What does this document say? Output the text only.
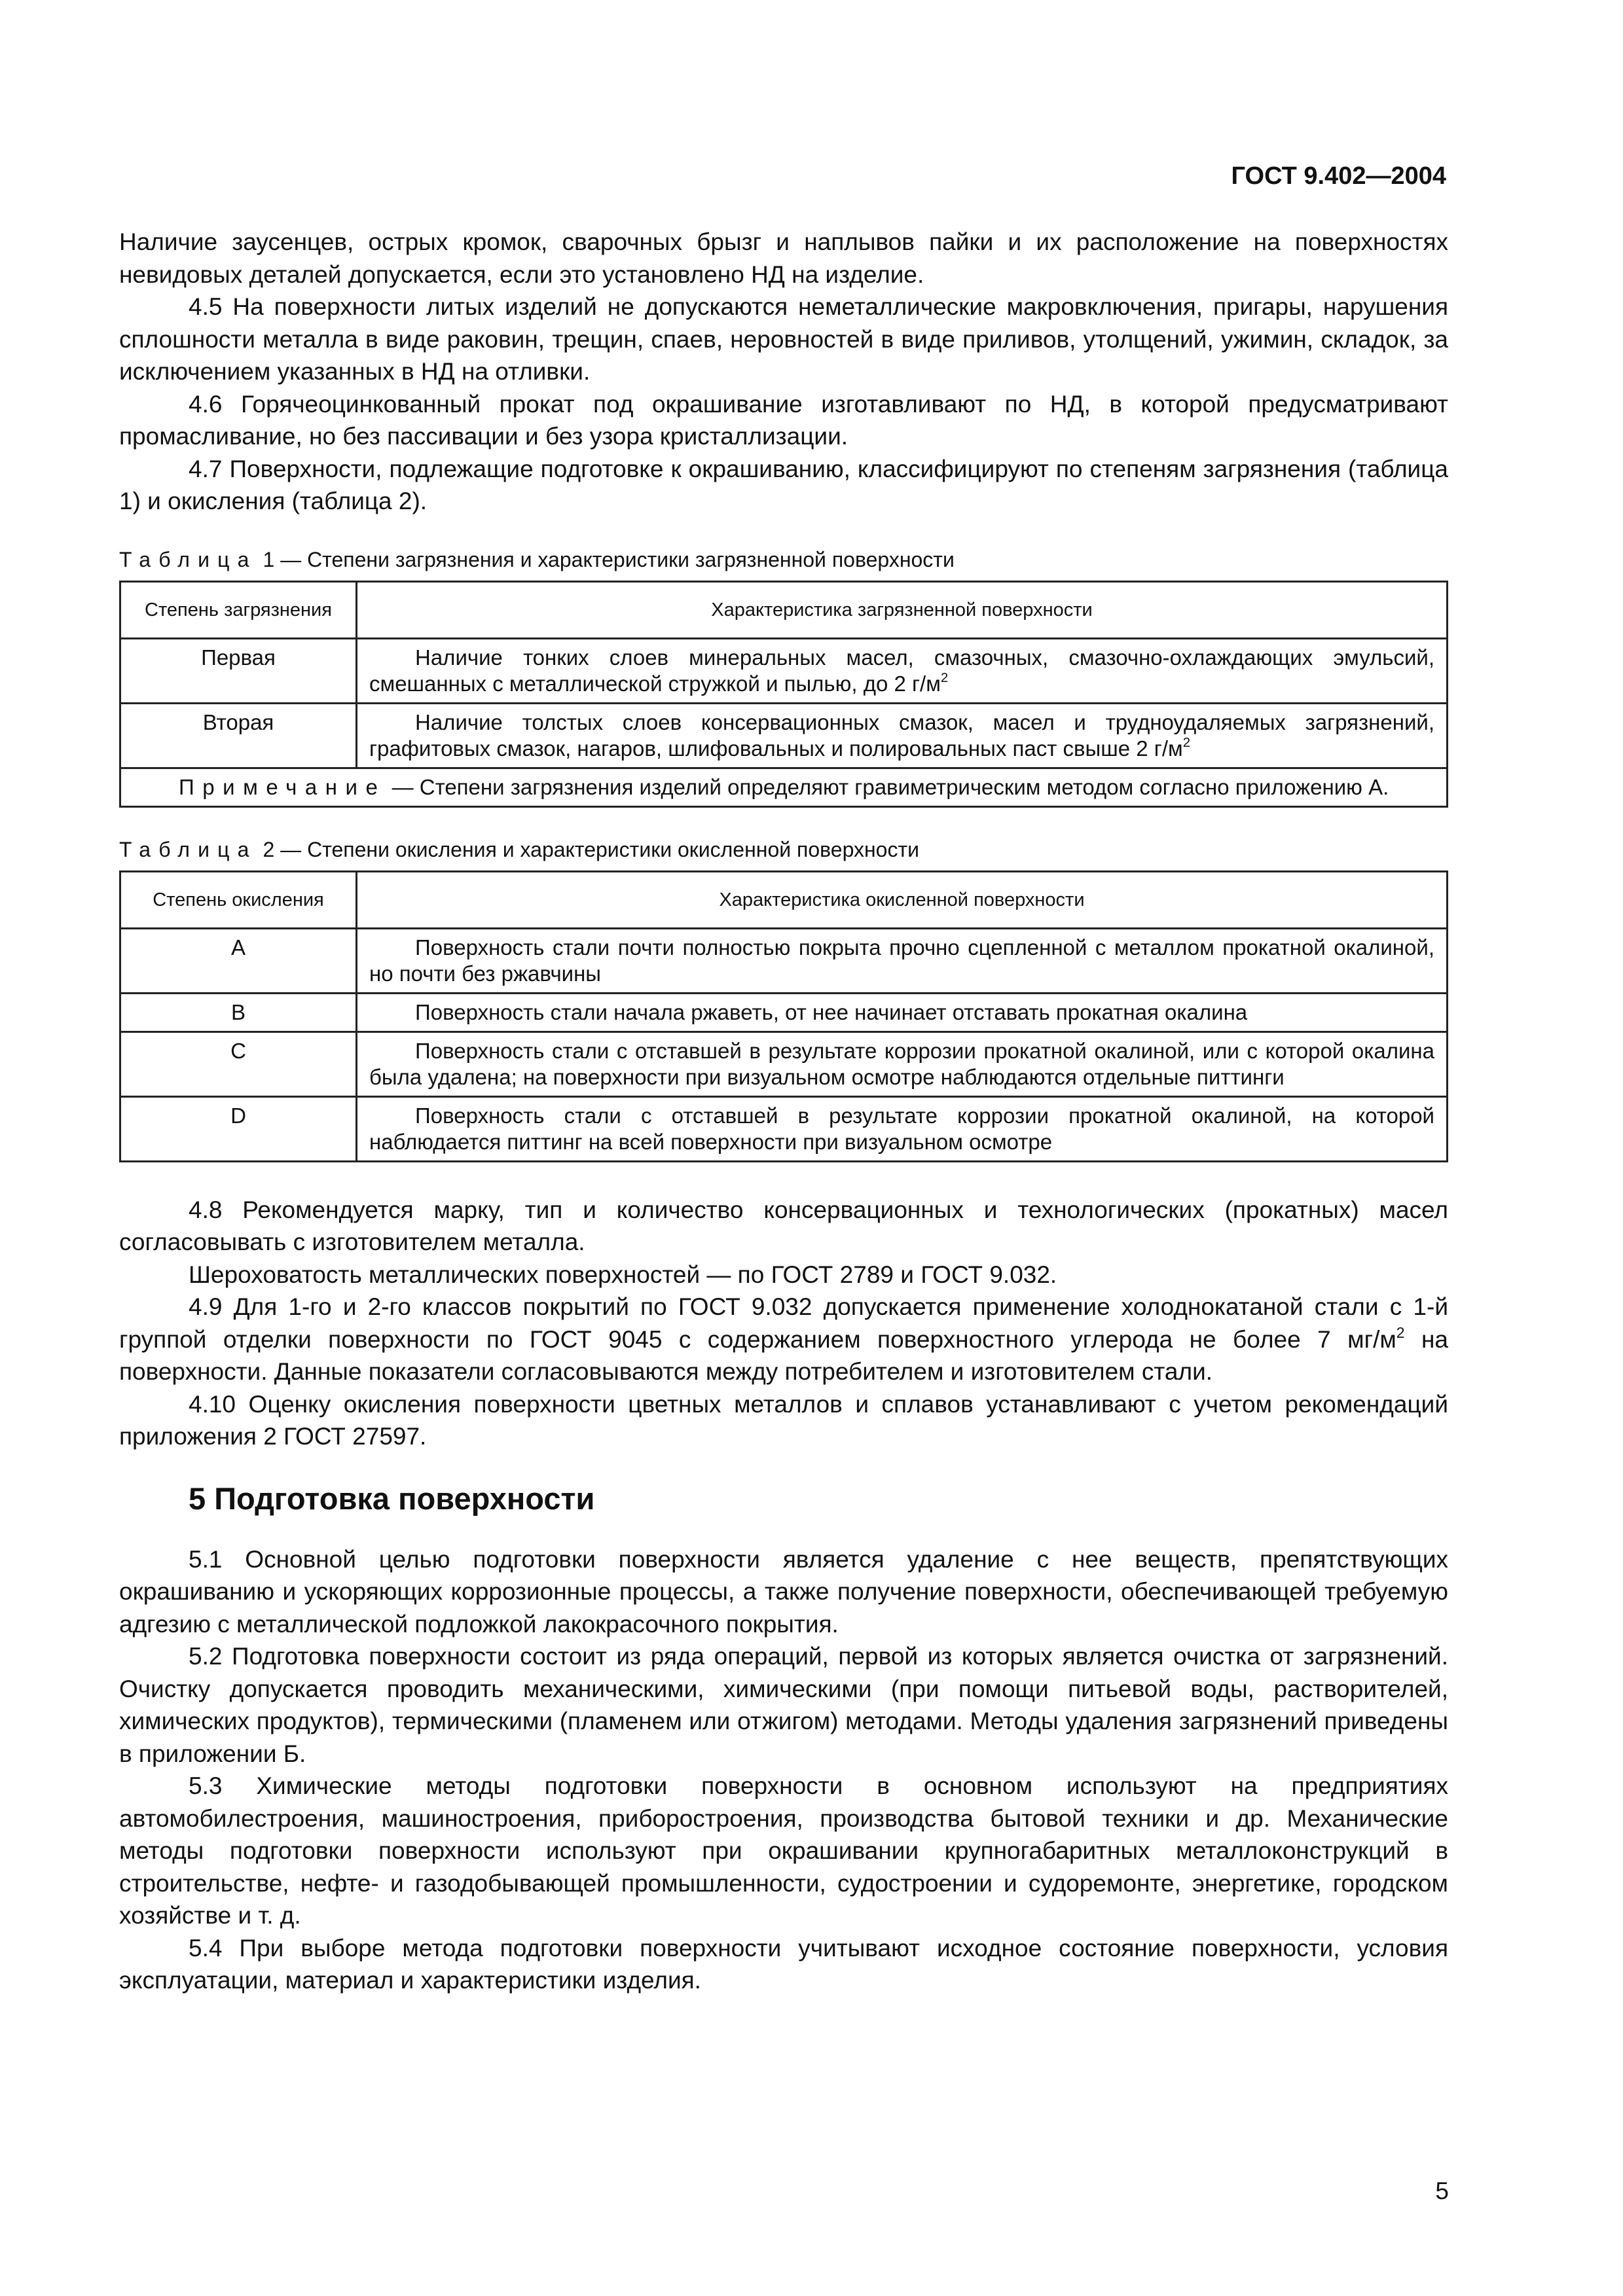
ГОСТ 9.402—2004

Наличие заусенцев, острых кромок, сварочных брызг и наплывов пайки и их расположение на поверхностях невидовых деталей допускается, если это установлено НД на изделие.

4.5 На поверхности литых изделий не допускаются неметаллические макровключения, пригары, нарушения сплошности металла в виде раковин, трещин, спаев, неровностей в виде приливов, утолщений, ужимин, складок, за исключением указанных в НД на отливки.

4.6 Горячеоцинкованный прокат под окрашивание изготавливают по НД, в которой предусматривают промасливание, но без пассивации и без узора кристаллизации.

4.7 Поверхности, подлежащие подготовке к окрашиванию, классифицируют по степеням загрязнения (таблица 1) и окисления (таблица 2).

Таблица 1 — Степени загрязнения и характеристики загрязненной поверхности
Степень загрязнения	Характеристика загрязненной поверхности
Первая	Наличие тонких слоев минеральных масел, смазочных, смазочно-охлаждающих эмульсий, смешанных с металлической стружкой и пылью, до 2 $г/м^2$
Вторая	Наличие толстых слоев консервационных смазок, масел и трудноудаляемых загрязнений, графитовых смазок, нагаров, шлифовальных и полировальных паст свыше 2 $г/м^2$
Примечание — Степени загрязнения изделий определяют гравиметрическим методом согласно приложению А.	
Таблица 2 — Степени окисления и характеристики окисленной поверхности
Степень окисления	Характеристика окисленной поверхности
A	Поверхность стали почти полностью покрыта прочно сцепленной с металлом прокатной окалиной, но почти без ржавчины
B	Поверхность стали начала ржаветь, от нее начинает отставать прокатная окалина
C	Поверхность стали с отставшей в результате коррозии прокатной окалиной, или с которой окалина была удалена; на поверхности при визуальном осмотре наблюдаются отдельные питтинги
D	Поверхность стали с отставшей в результате коррозии прокатной окалиной, на которой наблюдается питтинг на всей поверхности при визуальном осмотре

4.8 Рекомендуется марку, тип и количество консервационных и технологических (прокатных) масел согласовывать с изготовителем металла.

Шероховатость металлических поверхностей — по ГОСТ 2789 и ГОСТ 9.032.

4.9 Для 1-го и 2-го классов покрытий по ГОСТ 9.032 допускается применение холоднокатаной стали с 1-й группой отделки поверхности по ГОСТ 9045 с содержанием поверхностного углерода не более 7 $мг/м^2$ на поверхности. Данные показатели согласовываются между потребителем и изготовителем стали.

4.10 Оценку окисления поверхности цветных металлов и сплавов устанавливают с учетом рекомендаций приложения 2 ГОСТ 27597.

5 Подготовка поверхности

5.1 Основной целью подготовки поверхности является удаление с нее веществ, препятствующих окрашиванию и ускоряющих коррозионные процессы, а также получение поверхности, обеспечивающей требуемую адгезию с металлической подложкой лакокрасочного покрытия.

5.2 Подготовка поверхности состоит из ряда операций, первой из которых является очистка от загрязнений. Очистку допускается проводить механическими, химическими (при помощи питьевой воды, растворителей, химических продуктов), термическими (пламенем или отжигом) методами. Методы удаления загрязнений приведены в приложении Б.

5.3 Химические методы подготовки поверхности в основном используют на предприятиях автомобилестроения, машиностроения, приборостроения, производства бытовой техники и др. Механические методы подготовки поверхности используют при окрашивании крупногабаритных металлоконструкций в строительстве, нефте- и газодобывающей промышленности, судостроении и судоремонте, энергетике, городском хозяйстве и т. д.

5.4 При выборе метода подготовки поверхности учитывают исходное состояние поверхности, условия эксплуатации, материал и характеристики изделия.

5
